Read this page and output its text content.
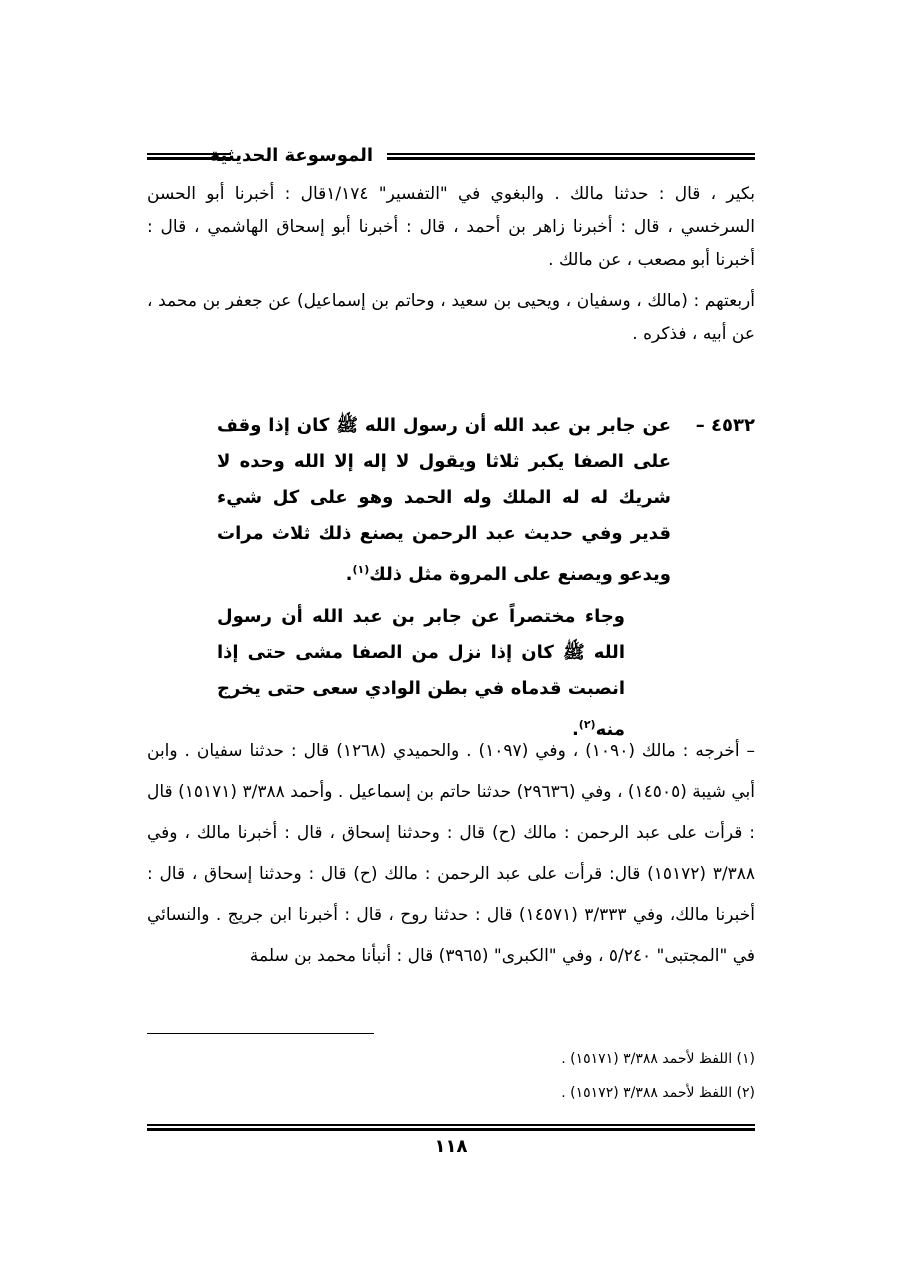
الموسوعة الحديثية

بكير ، قال : حدثنا مالك . والبغوي في "التفسير" ١/١٧٤قال : أخبرنا أبو الحسن السرخسي ، قال : أخبرنا زاهر بن أحمد ، قال : أخبرنا أبو إسحاق الهاشمي ، قال : أخبرنا أبو مصعب ، عن مالك .

أربعتهم : (مالك ، وسفيان ، ويحيى بن سعيد ، وحاتم بن إسماعيل) عن جعفر بن محمد ، عن أبيه ، فذكره .

٤٥٣٢ –
عن جابر بن عبد الله أن رسول الله ﷺ كان إذا وقف على الصفا يكبر ثلاثا ويقول لا إله إلا الله وحده لا شريك له له الملك وله الحمد وهو على كل شيء قدير وفي حديث عبد الرحمن يصنع ذلك ثلاث مرات ويدعو ويصنع على المروة مثل ذلك$^{(١)}$.
وجاء مختصراً عن جابر بن عبد الله أن رسول الله ﷺ كان إذا نزل من الصفا مشى حتى إذا انصبت قدماه في بطن الوادي سعى حتى يخرج منه$^{(٢)}$.

– أخرجه : مالك (١٠٩٠) ، وفي (١٠٩٧) . والحميدي (١٢٦٨) قال : حدثنا سفيان . وابن أبي شيبة (١٤٥٠٥) ، وفي (٢٩٦٣٦) حدثنا حاتم بن إسماعيل . وأحمد ٣/٣٨٨ (١٥١٧١) قال : قرأت على عبد الرحمن : مالك (ح) قال : وحدثنا إسحاق ، قال : أخبرنا مالك ، وفي ٣/٣٨٨ (١٥١٧٢) قال: قرأت على عبد الرحمن : مالك (ح) قال : وحدثنا إسحاق ، قال : أخبرنا مالك، وفي ٣/٣٣٣ (١٤٥٧١) قال : حدثنا روح ، قال : أخبرنا ابن جريج . والنسائي في "المجتبى" ٥/٢٤٠ ، وفي "الكبرى" (٣٩٦٥) قال : أنبأنا محمد بن سلمة

(١) اللفظ لأحمد ٣/٣٨٨ (١٥١٧١) .
(٢) اللفظ لأحمد ٣/٣٨٨ (١٥١٧٢) .
١١٨
